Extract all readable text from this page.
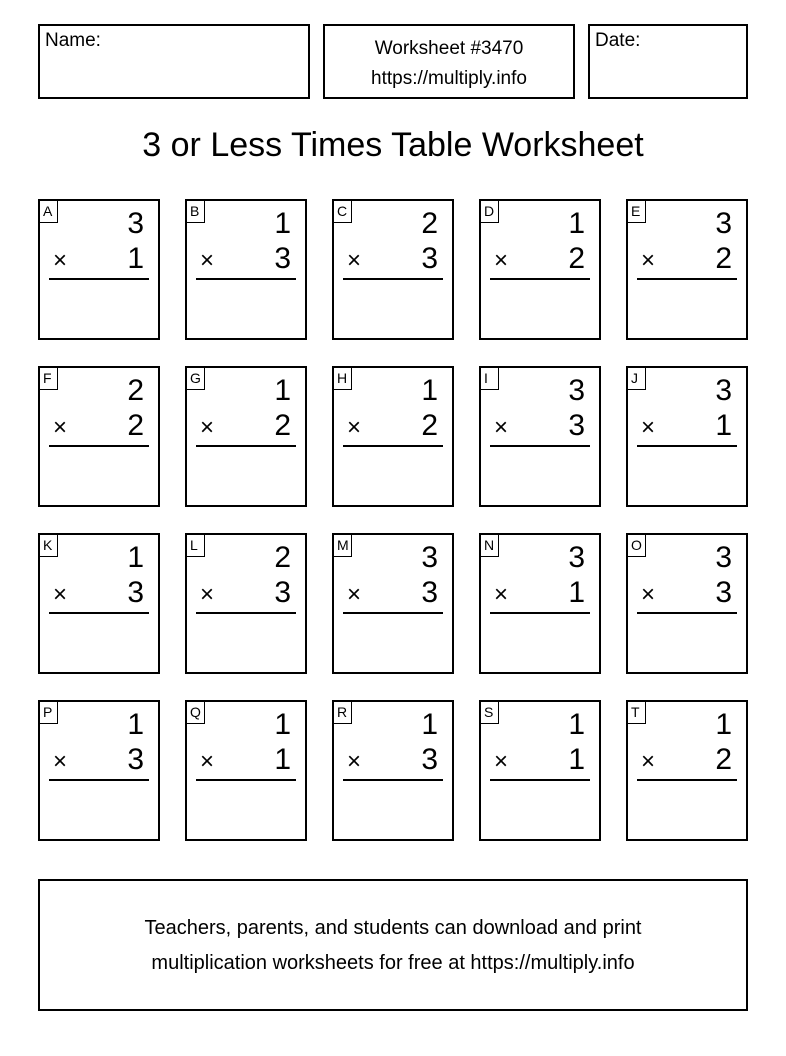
Name:	Worksheet #3470
https://multiply.info
Date:
3 or Less Times Table Worksheet
A 3
× 1
B 1
× 3
C 2
× 3
D 1
× 2
E 3
× 2
F	2
× 2
G 1
× 2
H 1
× 2
I	3
× 3
J	3
× 1
K 1
× 3
L	2
× 3
M 3
× 3
N 3
× 1
O 3
× 3
P 1
× 3
Q 1
× 1
R 1
× 3
S 1
× 1
T	1
× 2
Teachers, parents, and students can download and print
multiplication worksheets for free at https://multiply.info
